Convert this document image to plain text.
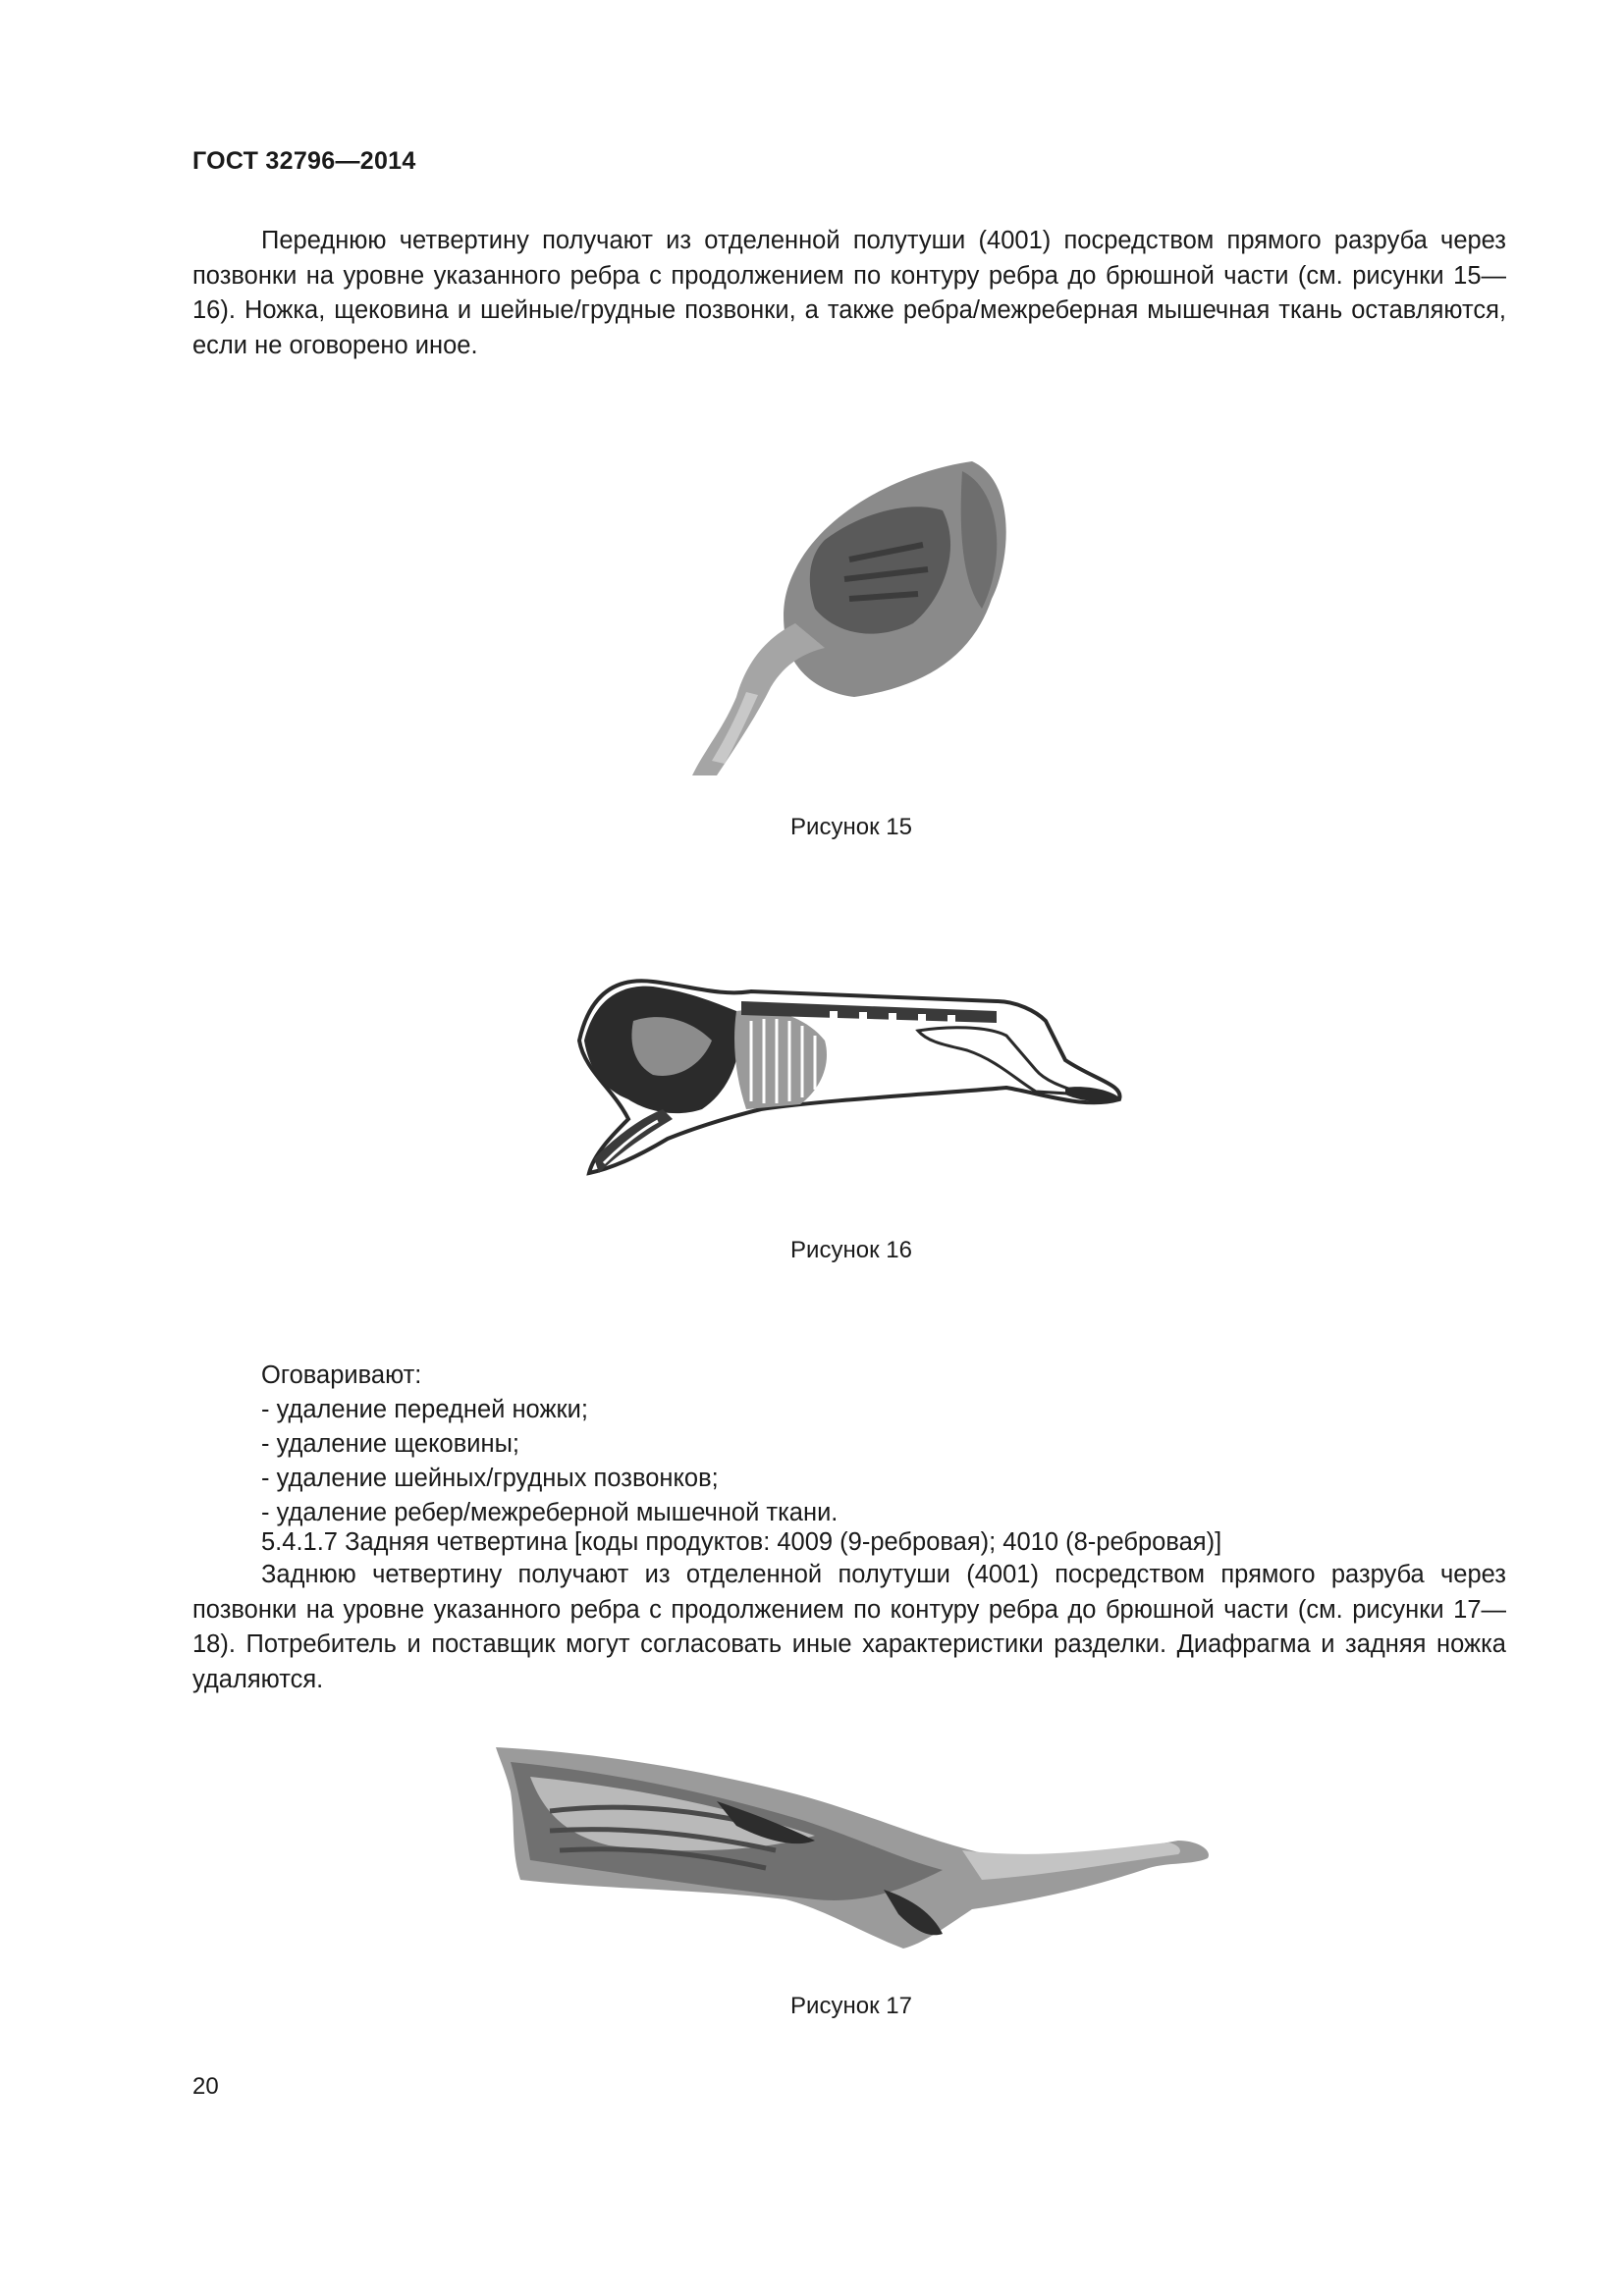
ГОСТ 32796—2014

Переднюю четвертину получают из отделенной полутуши (4001) посредством прямого разруба через позвонки на уровне указанного ребра с продолжением по контуру ребра до брюшной части (см. рисунки 15—16). Ножка, щековина и шейные/грудные позвонки, а также ребра/межреберная мышечная ткань оставляются, если не оговорено иное.

Рисунок 15
Рисунок 16
Оговаривают:
- удаление передней ножки;
- удаление щековины;
- удаление шейных/грудных позвонков;
- удаление ребер/межреберной мышечной ткани.
5.4.1.7 Задняя четвертина [коды продуктов: 4009 (9-ребровая); 4010 (8-ребровая)]

Заднюю четвертину получают из отделенной полутуши (4001) посредством прямого разруба через позвонки на уровне указанного ребра с продолжением по контуру ребра до брюшной части (см. рисунки 17—18). Потребитель и поставщик могут согласовать иные характеристики разделки. Диафрагма и задняя ножка удаляются.

Рисунок 17
20
